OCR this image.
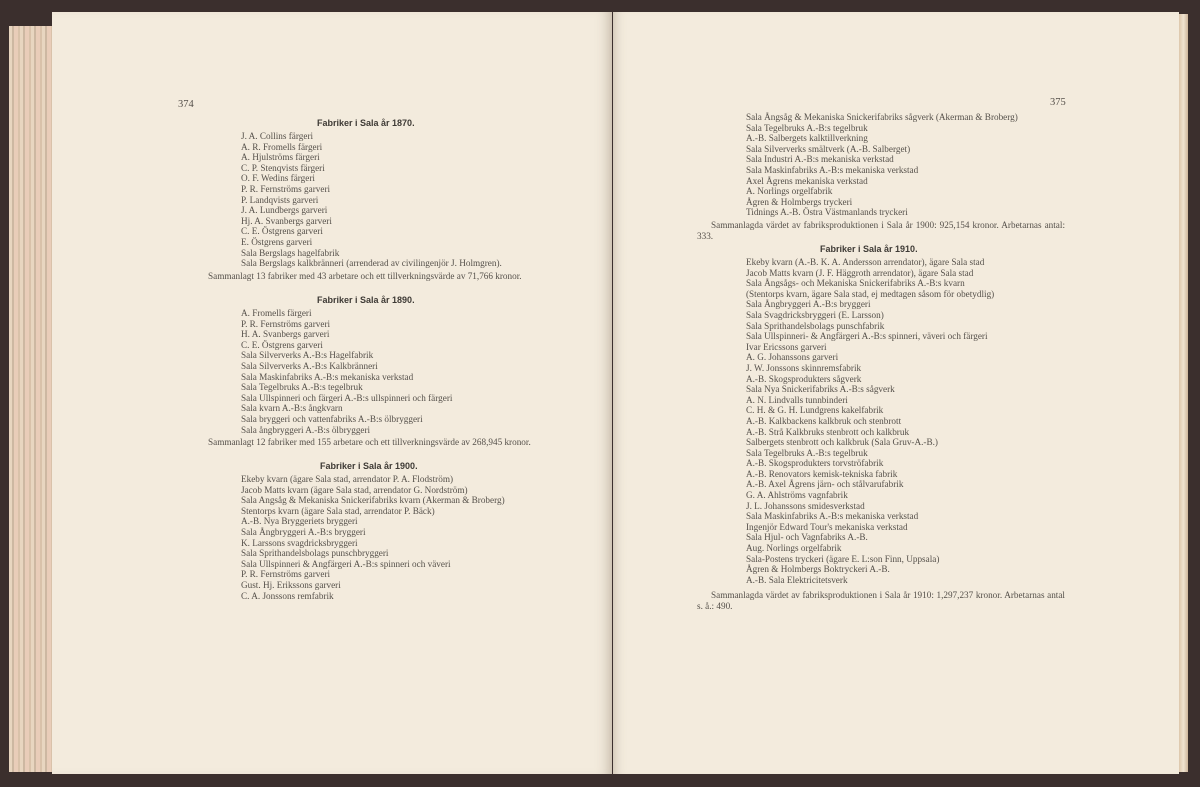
374
Fabriker i Sala år 1870.
J. A. Collins färgeri
A. R. Fromells färgeri
A. Hjulströms färgeri
C. P. Stenqvists färgeri
O. F. Wedins färgeri
P. R. Fernströms garveri
P. Landqvists garveri
J. A. Lundbergs garveri
Hj. A. Svanbergs garveri
C. E. Östgrens garveri
E. Östgrens garveri
Sala Bergslags hagelfabrik
Sala Bergslags kalkbränneri (arrenderad av civilingenjör J. Holmgren).
Sammanlagt 13 fabriker med 43 arbetare och ett tillverkningsvärde av 71,766 kronor.
Fabriker i Sala år 1890.
A. Fromells färgeri
P. R. Fernströms garveri
H. A. Svanbergs garveri
C. E. Östgrens garveri
Sala Silververks A.-B:s Hagelfabrik
Sala Silververks A.-B:s Kalkbränneri
Sala Maskinfabriks A.-B:s mekaniska verkstad
Sala Tegelbruks A.-B:s tegelbruk
Sala Ullspinneri och färgeri A.-B:s ullspinneri och färgeri
Sala kvarn A.-B:s ångkvarn
Sala bryggeri och vattenfabriks A.-B:s ölbryggeri
Sala ångbryggeri A.-B:s ölbryggeri
Sammanlagt 12 fabriker med 155 arbetare och ett tillverkningsvärde av 268,945 kronor.
Fabriker i Sala år 1900.
Ekeby kvarn (ägare Sala stad, arrendator P. A. Flodström)
Jacob Matts kvarn (ägare Sala stad, arrendator G. Nordström)
Sala Angsåg & Mekaniska Snickerifabriks kvarn (Akerman & Broberg)
Stentorps kvarn (ägare Sala stad, arrendator P. Bäck)
A.-B. Nya Bryggeriets bryggeri
Sala Ångbryggeri A.-B:s bryggeri
K. Larssons svagdricksbryggeri
Sala Sprithandelsbolags punschbryggeri
Sala Ullspinneri & Angfärgeri A.-B:s spinneri och väveri
P. R. Fernströms garveri
Gust. Hj. Erikssons garveri
C. A. Jonssons remfabrik
375
Sala Ångsåg & Mekaniska Snickerifabriks sågverk (Akerman & Broberg)
Sala Tegelbruks A.-B:s tegelbruk
A.-B. Salbergets kalktillverkning
Sala Silververks smältverk (A.-B. Salberget)
Sala Industri A.-B:s mekaniska verkstad
Sala Maskinfabriks A.-B:s mekaniska verkstad
Axel Ågrens mekaniska verkstad
A. Norlings orgelfabrik
Ågren & Holmbergs tryckeri
Tidnings A.-B. Östra Västmanlands tryckeri
Sammanlagda värdet av fabriksproduktionen i Sala år 1900: 925,154 kronor. Arbetarnas antal: 333.
Fabriker i Sala år 1910.
Ekeby kvarn (A.-B. K. A. Andersson arrendator), ägare Sala stad
Jacob Matts kvarn (J. F. Häggroth arrendator), ägare Sala stad
Sala Ångsågs- och Mekaniska Snickerifabriks A.-B:s kvarn
(Stentorps kvarn, ägare Sala stad, ej medtagen såsom för obetydlig)
Sala Ångbryggeri A.-B:s bryggeri
Sala Svagdricksbryggeri (E. Larsson)
Sala Sprithandelsbolags punschfabrik
Sala Ullspinneri- & Angfärgeri A.-B:s spinneri, väveri och färgeri
Ivar Ericssons garveri
A. G. Johanssons garveri
J. W. Jonssons skinnremsfabrik
A.-B. Skogsprodukters sågverk
Sala Nya Snickerifabriks A.-B:s sågverk
A. N. Lindvalls tunnbinderi
C. H. & G. H. Lundgrens kakelfabrik
A.-B. Kalkbackens kalkbruk och stenbrott
A.-B. Strå Kalkbruks stenbrott och kalkbruk
Salbergets stenbrott och kalkbruk (Sala Gruv-A.-B.)
Sala Tegelbruks A.-B:s tegelbruk
A.-B. Skogsprodukters torvströfabrik
A.-B. Renovators kemisk-tekniska fabrik
A.-B. Axel Ågrens järn- och stålvarufabrik
G. A. Ahlströms vagnfabrik
J. L. Johanssons smidesverkstad
Sala Maskinfabriks A.-B:s mekaniska verkstad
Ingenjör Edward Tour's mekaniska verkstad
Sala Hjul- och Vagnfabriks A.-B.
Aug. Norlings orgelfabrik
Sala-Postens tryckeri (ägare E. L:son Finn, Uppsala)
Ågren & Holmbergs Boktryckeri A.-B.
A.-B. Sala Elektricitetsverk
Sammanlagda värdet av fabriksproduktionen i Sala år 1910: 1,297,237 kronor. Arbetarnas antal s. å.: 490.
